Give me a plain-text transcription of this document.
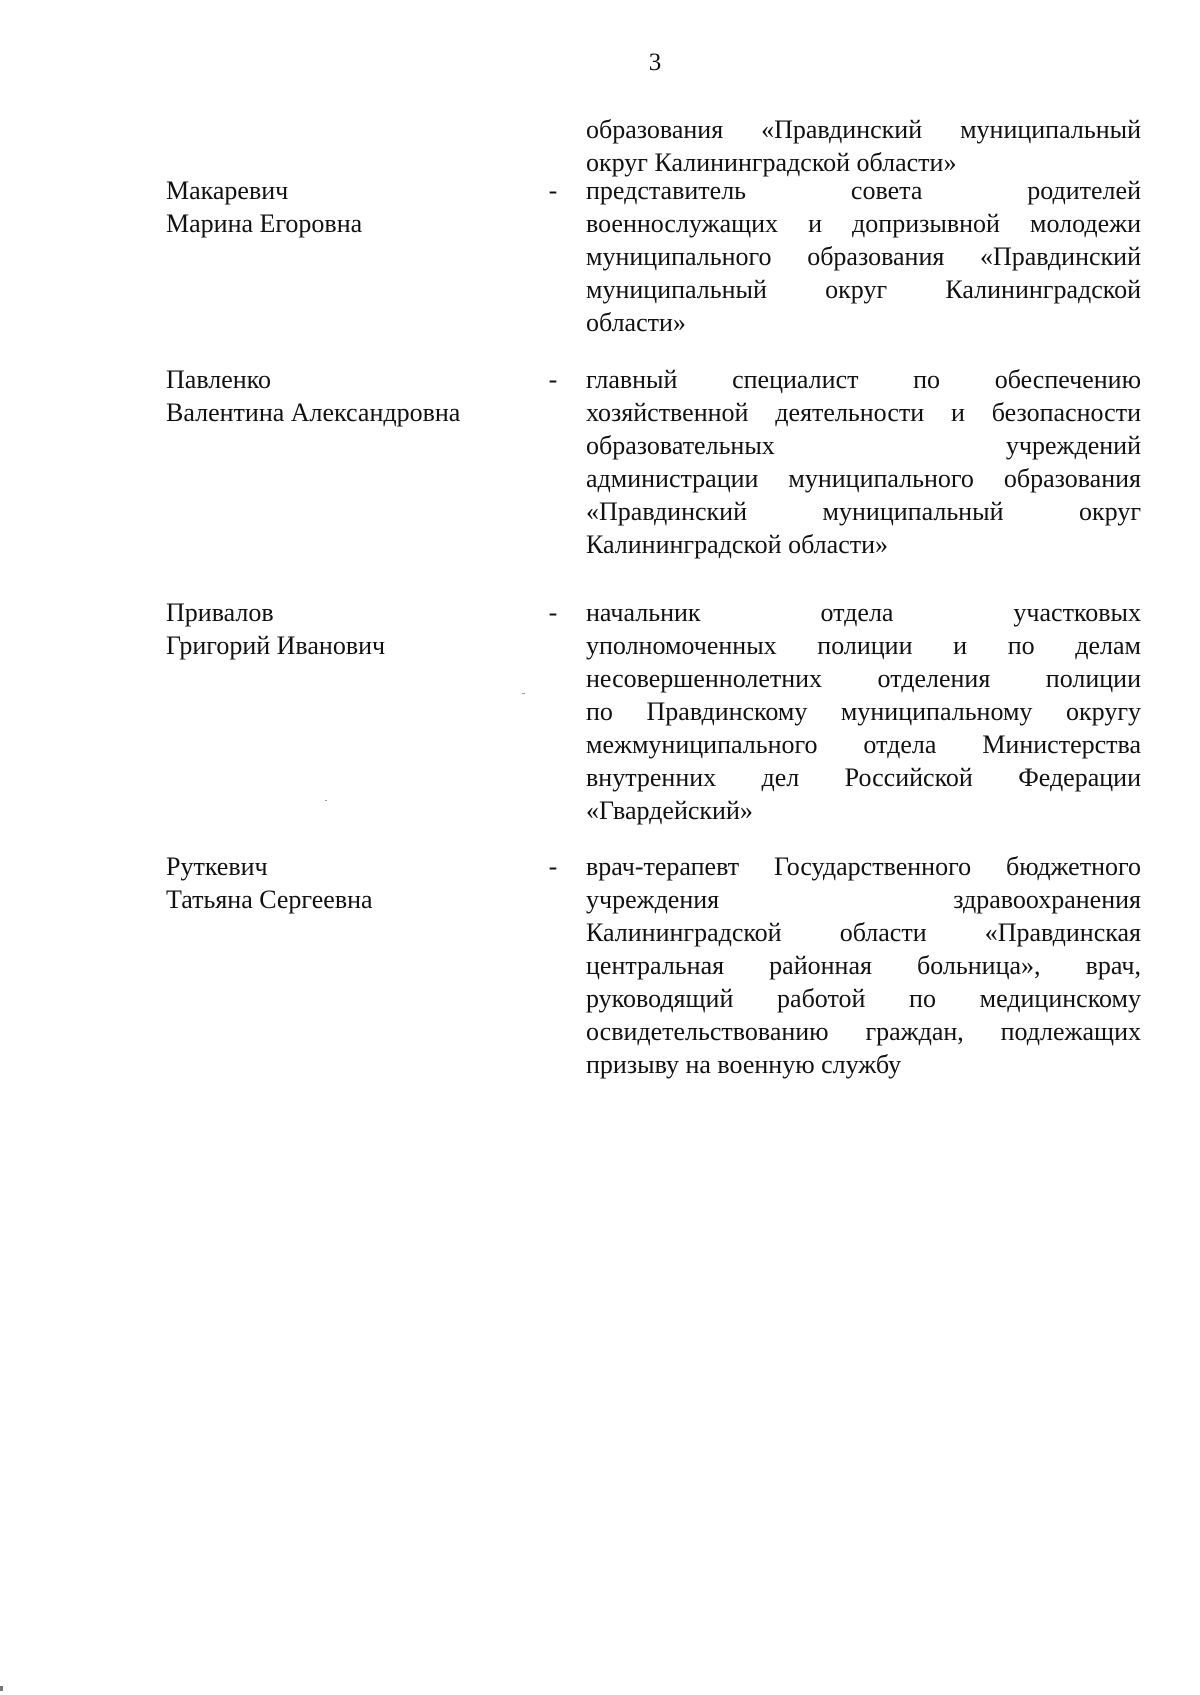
3
образования «Правдинский муниципальный
округ Калининградской области»
Макаревич
Марина Егоровна
- представитель совета родителей
военнослужащих и допризывной молодежи
муниципального образования «Правдинский
муниципальный округ Калининградской
области»
Павленко
Валентина Александровна
- главный специалист по обеспечению
хозяйственной деятельности и безопасности
образовательных учреждений
администрации муниципального образования
«Правдинский муниципальный округ
Калининградской области»
Привалов
Григорий Иванович
- начальник отдела участковых
уполномоченных полиции и по делам
несовершеннолетних отделения полиции
по Правдинскому муниципальному округу
межмуниципального отдела Министерства
внутренних дел Российской Федерации
«Гвардейский»
Руткевич
Татьяна Сергеевна
- врач-терапевт Государственного бюджетного
учреждения здравоохранения
Калининградской области «Правдинская
центральная районная больница», врач,
руководящий работой по медицинскому
освидетельствованию граждан, подлежащих
призыву на военную службу
